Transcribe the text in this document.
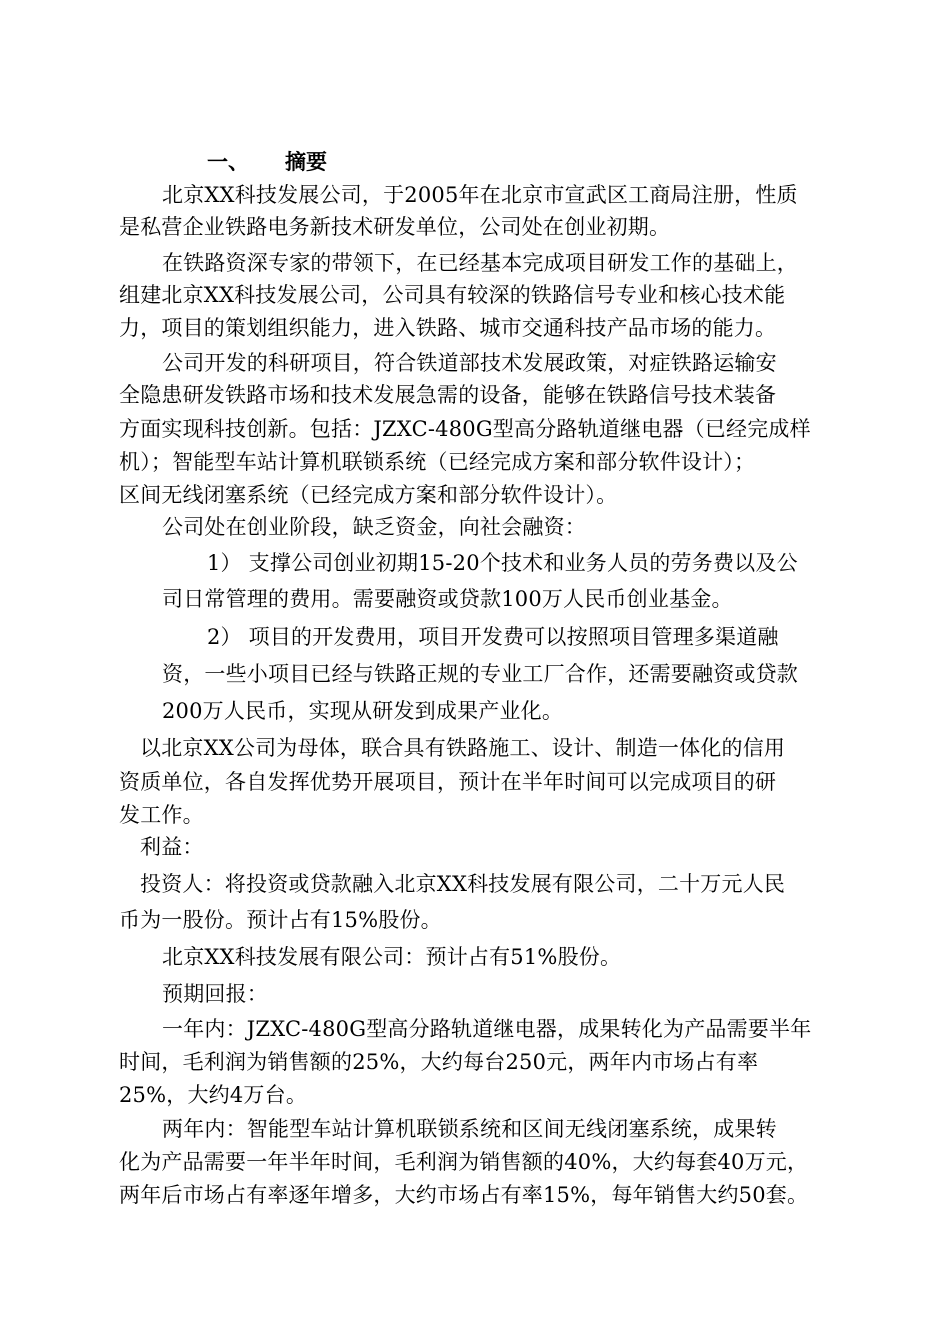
一、 摘要
北京XX科技发展公司，于2005年在北京市宣武区工商局注册，性质
是私营企业铁路电务新技术研发单位，公司处在创业初期。
在铁路资深专家的带领下，在已经基本完成项目研发工作的基础上，
组建北京XX科技发展公司，公司具有较深的铁路信号专业和核心技术能
力，项目的策划组织能力，进入铁路、城市交通科技产品市场的能力。
公司开发的科研项目，符合铁道部技术发展政策，对症铁路运输安
全隐患研发铁路市场和技术发展急需的设备，能够在铁路信号技术装备
方面实现科技创新。包括：JZXC-480G型高分路轨道继电器（已经完成样
机）；智能型车站计算机联锁系统（已经完成方案和部分软件设计）；
区间无线闭塞系统（已经完成方案和部分软件设计）。
公司处在创业阶段，缺乏资金，向社会融资：
1） 支撑公司创业初期15-20个技术和业务人员的劳务费以及公
司日常管理的费用。需要融资或贷款100万人民币创业基金。
2） 项目的开发费用，项目开发费可以按照项目管理多渠道融
资，一些小项目已经与铁路正规的专业工厂合作，还需要融资或贷款
200万人民币，实现从研发到成果产业化。
以北京XX公司为母体，联合具有铁路施工、设计、制造一体化的信用
资质单位，各自发挥优势开展项目，预计在半年时间可以完成项目的研
发工作。
利益：
投资人：将投资或贷款融入北京XX科技发展有限公司，二十万元人民
币为一股份。预计占有15%股份。
北京XX科技发展有限公司：预计占有51%股份。
预期回报：
一年内：JZXC-480G型高分路轨道继电器，成果转化为产品需要半年
时间，毛利润为销售额的25%，大约每台250元，两年内市场占有率
25%，大约4万台。
两年内：智能型车站计算机联锁系统和区间无线闭塞系统，成果转
化为产品需要一年半年时间，毛利润为销售额的40%，大约每套40万元，
两年后市场占有率逐年增多，大约市场占有率15%，每年销售大约50套。
